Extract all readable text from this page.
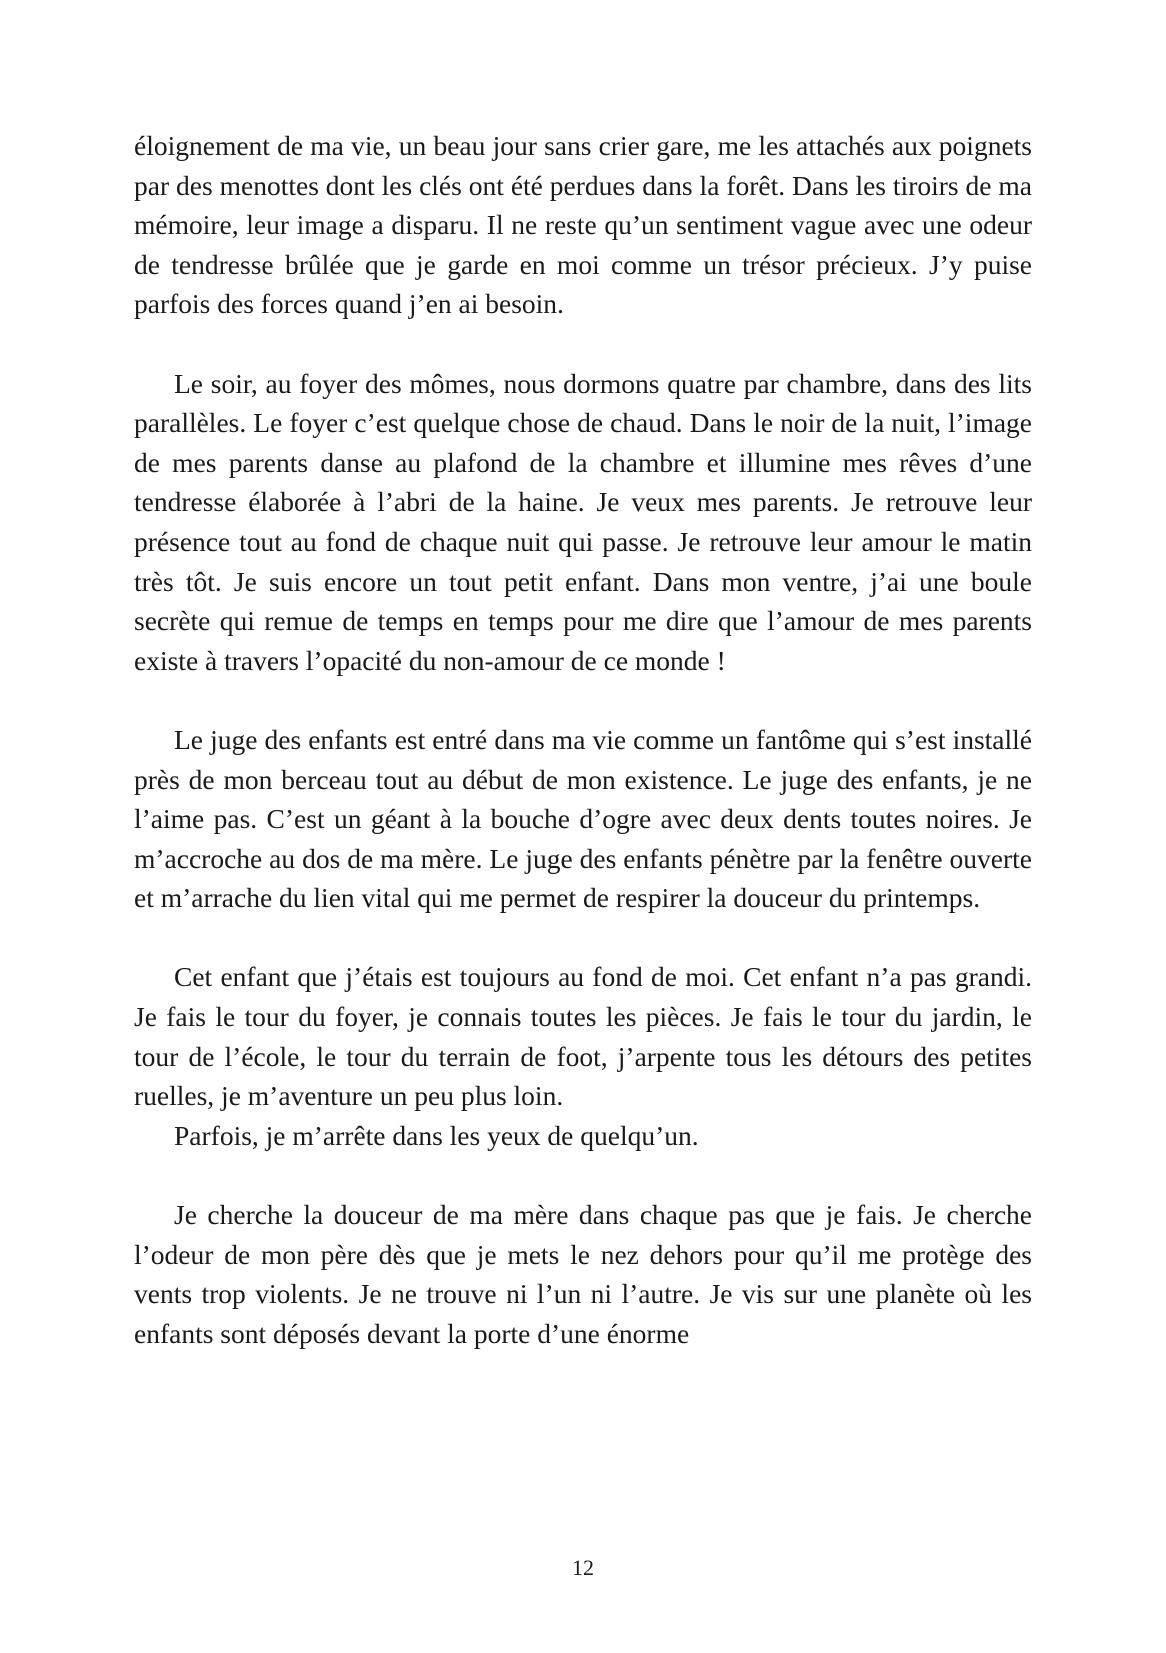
éloignement de ma vie, un beau jour sans crier gare, me les attachés aux poignets par des menottes dont les clés ont été perdues dans la forêt. Dans les tiroirs de ma mémoire, leur image a disparu. Il ne reste qu’un sentiment vague avec une odeur de tendresse brûlée que je garde en moi comme un trésor précieux. J’y puise parfois des forces quand j’en ai besoin.

Le soir, au foyer des mômes, nous dormons quatre par chambre, dans des lits parallèles. Le foyer c’est quelque chose de chaud. Dans le noir de la nuit, l’image de mes parents danse au plafond de la chambre et illumine mes rêves d’une tendresse élaborée à l’abri de la haine. Je veux mes parents. Je retrouve leur présence tout au fond de chaque nuit qui passe. Je retrouve leur amour le matin très tôt. Je suis encore un tout petit enfant. Dans mon ventre, j’ai une boule secrète qui remue de temps en temps pour me dire que l’amour de mes parents existe à travers l’opacité du non-amour de ce monde !

Le juge des enfants est entré dans ma vie comme un fantôme qui s’est installé près de mon berceau tout au début de mon existence. Le juge des enfants, je ne l’aime pas. C’est un géant à la bouche d’ogre avec deux dents toutes noires. Je m’accroche au dos de ma mère. Le juge des enfants pénètre par la fenêtre ouverte et m’arrache du lien vital qui me permet de respirer la douceur du printemps.

Cet enfant que j’étais est toujours au fond de moi. Cet enfant n’a pas grandi. Je fais le tour du foyer, je connais toutes les pièces. Je fais le tour du jardin, le tour de l’école, le tour du terrain de foot, j’arpente tous les détours des petites ruelles, je m’aventure un peu plus loin.

Parfois, je m’arrête dans les yeux de quelqu’un.

Je cherche la douceur de ma mère dans chaque pas que je fais. Je cherche l’odeur de mon père dès que je mets le nez dehors pour qu’il me protège des vents trop violents. Je ne trouve ni l’un ni l’autre. Je vis sur une planète où les enfants sont déposés devant la porte d’une énorme

12
